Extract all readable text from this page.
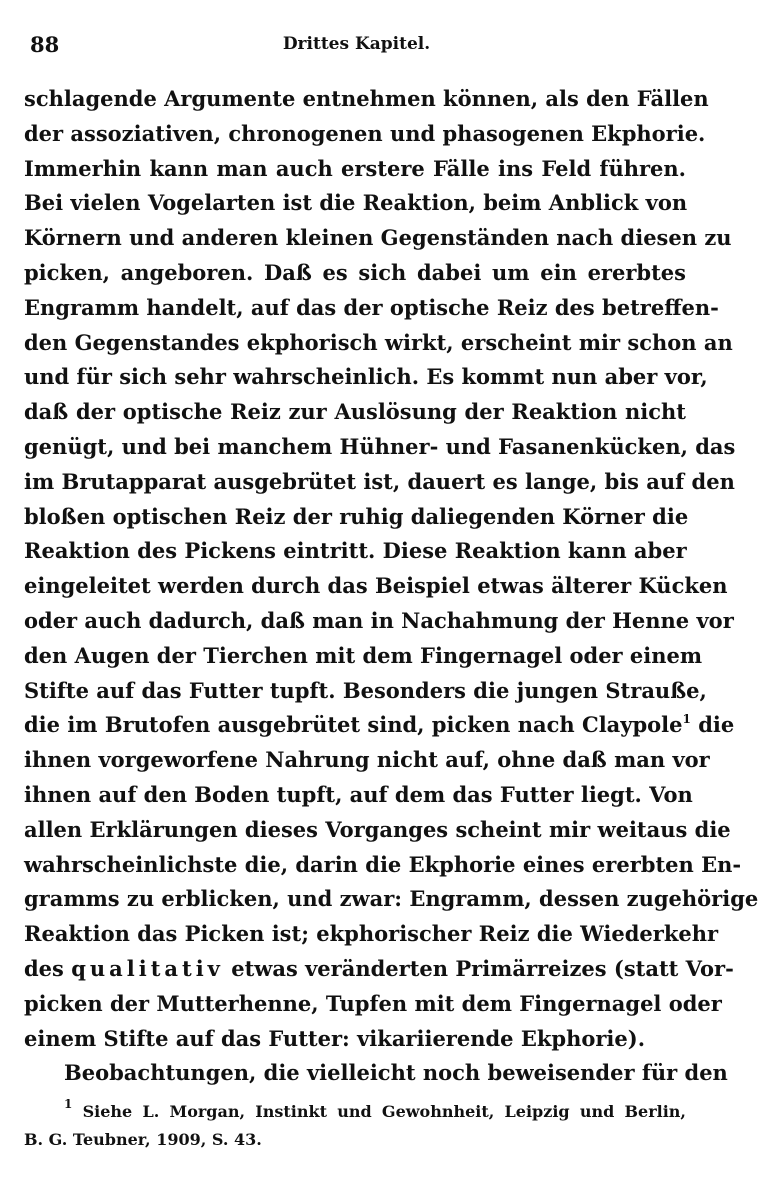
88	Drittes Kapitel.
schlagende Argumente entnehmen können, als den Fällen
der assoziativen, chronogenen und phasogenen Ekphorie.
Immerhin kann man auch erstere Fälle ins Feld führen.
Bei vielen Vogelarten ist die Reaktion, beim Anblick von
Körnern und anderen kleinen Gegenständen nach diesen zu
picken, angeboren. Daß es sich dabei um ein ererbtes
Engramm handelt, auf das der optische Reiz des betreffen-
den Gegenstandes ekphorisch wirkt, erscheint mir schon an
und für sich sehr wahrscheinlich. Es kommt nun aber vor,
daß der optische Reiz zur Auslösung der Reaktion nicht
genügt, und bei manchem Hühner- und Fasanenkücken, das
im Brutapparat ausgebrütet ist, dauert es lange, bis auf den
bloßen optischen Reiz der ruhig daliegenden Körner die
Reaktion des Pickens eintritt. Diese Reaktion kann aber
eingeleitet werden durch das Beispiel etwas älterer Kücken
oder auch dadurch, daß man in Nachahmung der Henne vor
den Augen der Tierchen mit dem Fingernagel oder einem
Stifte auf das Futter tupft. Besonders die jungen Strauße,
die im Brutofen ausgebrütet sind, picken nach Claypole$^1$ die
ihnen vorgeworfene Nahrung nicht auf, ohne daß man vor
ihnen auf den Boden tupft, auf dem das Futter liegt. Von
allen Erklärungen dieses Vorganges scheint mir weitaus die
wahrscheinlichste die, darin die Ekphorie eines ererbten En-
gramms zu erblicken, und zwar: Engramm, dessen zugehörige
Reaktion das Picken ist; ekphorischer Reiz die Wiederkehr
des qualitativ etwas veränderten Primärreizes (statt Vor-
picken der Mutterhenne, Tupfen mit dem Fingernagel oder
einem Stifte auf das Futter: vikariierende Ekphorie).
Beobachtungen, die vielleicht noch beweisender für den
$^1$ Siehe L. Morgan, Instinkt und Gewohnheit, Leipzig und Berlin,
B. G. Teubner, 1909, S. 43.
